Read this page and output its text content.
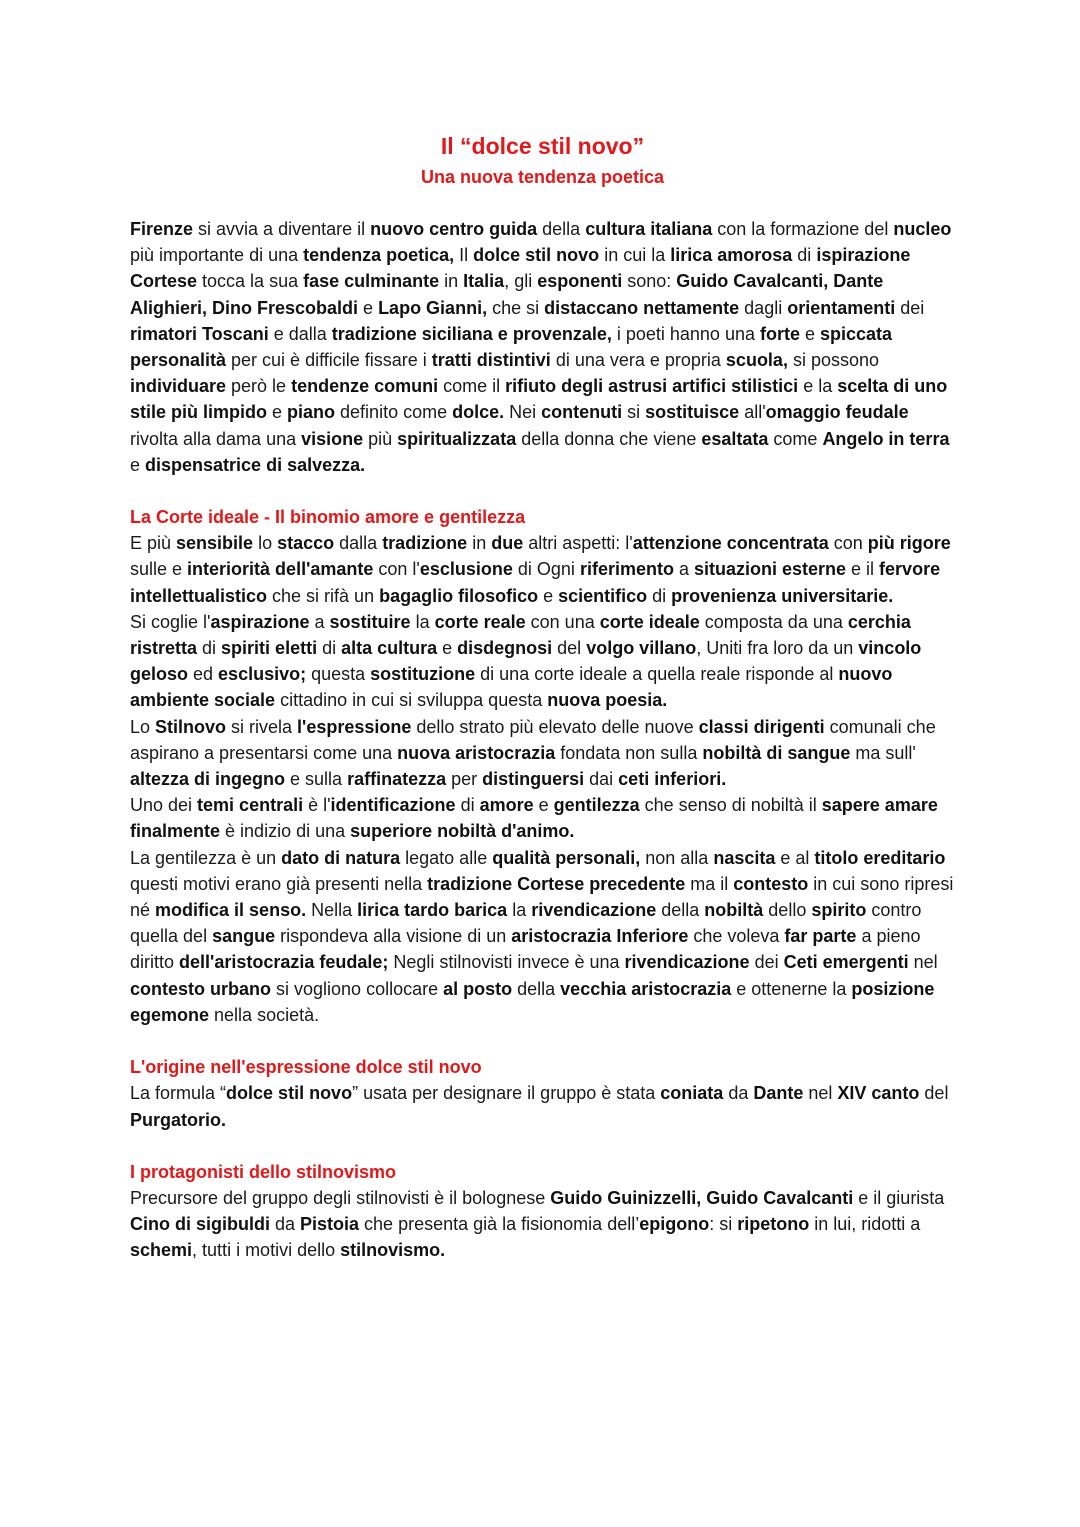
Il “dolce stil novo”
Una nuova tendenza poetica

Firenze si avvia a diventare il nuovo centro guida della cultura italiana con la formazione del nucleo più importante di una tendenza poetica, Il dolce stil novo in cui la lirica amorosa di ispirazione Cortese tocca la sua fase culminante in Italia, gli esponenti sono: Guido Cavalcanti, Dante Alighieri, Dino Frescobaldi e Lapo Gianni, che si distaccano nettamente dagli orientamenti dei rimatori Toscani e dalla tradizione siciliana e provenzale, i poeti hanno una forte e spiccata personalità per cui è difficile fissare i tratti distintivi di una vera e propria scuola, si possono individuare però le tendenze comuni come il rifiuto degli astrusi artifici stilistici e la scelta di uno stile più limpido e piano definito come dolce. Nei contenuti si sostituisce all'omaggio feudale rivolta alla dama una visione più spiritualizzata della donna che viene esaltata come Angelo in terra e dispensatrice di salvezza.

La Corte ideale - Il binomio amore e gentilezza

E più sensibile lo stacco dalla tradizione in due altri aspetti: l'attenzione concentrata con più rigore sulle e interiorità dell'amante con l'esclusione di Ogni riferimento a situazioni esterne e il fervore intellettualistico che si rifà un bagaglio filosofico e scientifico di provenienza universitarie.

Si coglie l'aspirazione a sostituire la corte reale con una corte ideale composta da una cerchia ristretta di spiriti eletti di alta cultura e disdegnosi del volgo villano, Uniti fra loro da un vincolo geloso ed esclusivo; questa sostituzione di una corte ideale a quella reale risponde al nuovo ambiente sociale cittadino in cui si sviluppa questa nuova poesia.

Lo Stilnovo si rivela l'espressione dello strato più elevato delle nuove classi dirigenti comunali che aspirano a presentarsi come una nuova aristocrazia fondata non sulla nobiltà di sangue ma sull' altezza di ingegno e sulla raffinatezza per distinguersi dai ceti inferiori.

Uno dei temi centrali è l'identificazione di amore e gentilezza che senso di nobiltà il sapere amare finalmente è indizio di una superiore nobiltà d'animo.

La gentilezza è un dato di natura legato alle qualità personali, non alla nascita e al titolo ereditario questi motivi erano già presenti nella tradizione Cortese precedente ma il contesto in cui sono ripresi né modifica il senso. Nella lirica tardo barica la rivendicazione della nobiltà dello spirito contro quella del sangue rispondeva alla visione di un aristocrazia Inferiore che voleva far parte a pieno diritto dell'aristocrazia feudale; Negli stilnovisti invece è una rivendicazione dei Ceti emergenti nel contesto urbano si vogliono collocare al posto della vecchia aristocrazia e ottenerne la posizione egemone nella società.

L'origine nell'espressione dolce stil novo

La formula “dolce stil novo” usata per designare il gruppo è stata coniata da Dante nel XIV canto del Purgatorio.

I protagonisti dello stilnovismo

Precursore del gruppo degli stilnovisti è il bolognese Guido Guinizzelli, Guido Cavalcanti e il giurista Cino di sigibuldi da Pistoia che presenta già la fisionomia dell’epigono: si ripetono in lui, ridotti a schemi, tutti i motivi dello stilnovismo.
